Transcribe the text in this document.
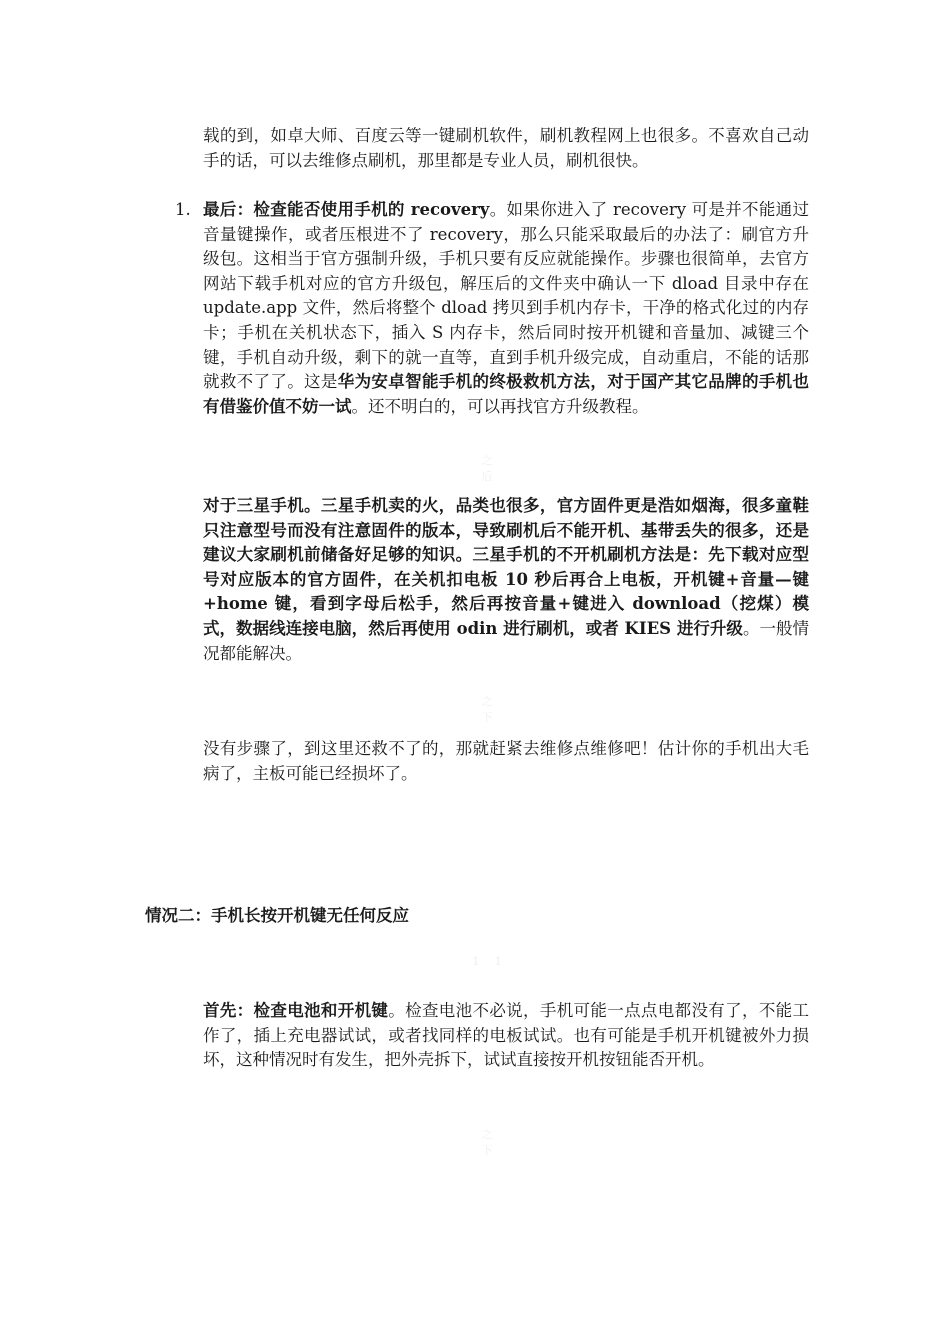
载的到，如卓大师、百度云等一键刷机软件，刷机教程网上也很多。不喜欢自己动手的话，可以去维修点刷机，那里都是专业人员，刷机很快。

1. 最后：检查能否使用手机的 recovery。如果你进入了 recovery 可是并不能通过音量键操作，或者压根进不了 recovery，那么只能采取最后的办法了：刷官方升级包。这相当于官方强制升级，手机只要有反应就能操作。步骤也很简单，去官方网站下载手机对应的官方升级包，解压后的文件夹中确认一下 dload 目录中存在 update.app 文件，然后将整个 dload 拷贝到手机内存卡，干净的格式化过的内存卡；手机在关机状态下，插入 S 内存卡，然后同时按开机键和音量加、减键三个键，手机自动升级，剩下的就一直等，直到手机升级完成，自动重启，不能的话那就救不了了。这是华为安卓智能手机的终极救机方法，对于国产其它品牌的手机也有借鉴价值不妨一试。还不明白的，可以再找官方升级教程。

之 后

对于三星手机。三星手机卖的火，品类也很多，官方固件更是浩如烟海，很多童鞋只注意型号而没有注意固件的版本，导致刷机后不能开机、基带丢失的很多，还是建议大家刷机前储备好足够的知识。三星手机的不开机刷机方法是：先下载对应型号对应版本的官方固件，在关机扣电板 10 秒后再合上电板，开机键+音量—键+home 键，看到字母后松手，然后再按音量+键进入 download（挖煤）模式，数据线连接电脑，然后再使用 odin 进行刷机，或者 KIES 进行升级。一般情况都能解决。

之 下

没有步骤了，到这里还救不了的，那就赶紧去维修点维修吧！估计你的手机出大毛病了，主板可能已经损坏了。

情况二：手机长按开机键无任何反应

1 1

首先：检查电池和开机键。检查电池不必说，手机可能一点点电都没有了，不能工作了，插上充电器试试，或者找同样的电板试试。也有可能是手机开机键被外力损坏，这种情况时有发生，把外壳拆下，试试直接按开机按钮能否开机。

之 下
